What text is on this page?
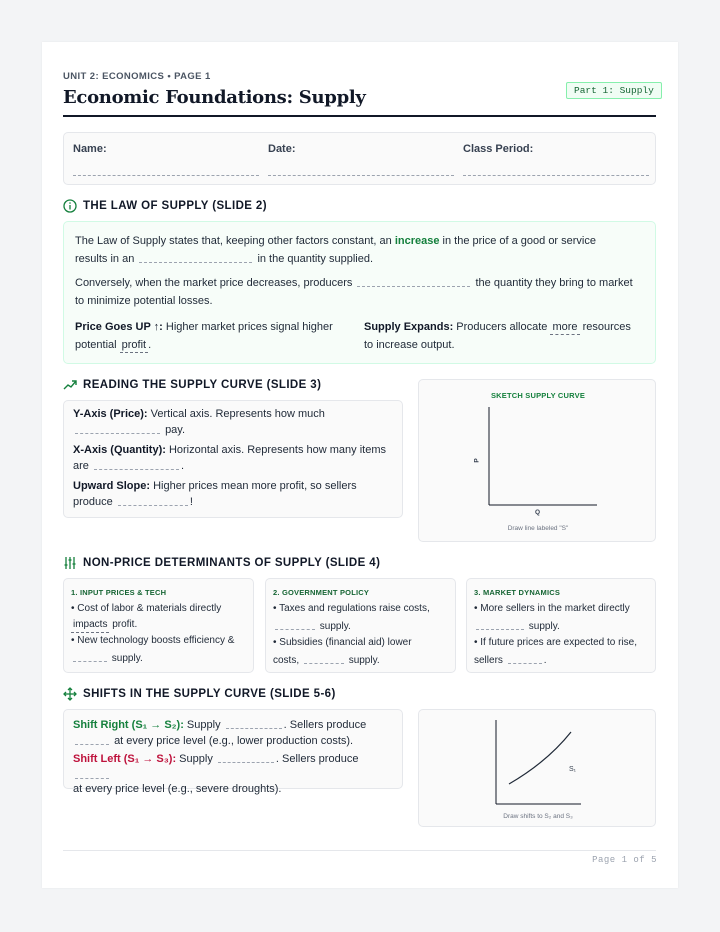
UNIT 2: ECONOMICS • PAGE 1
Economic Foundations: Supply	Part 1: Supply
Name:	Date:	Class Period:
THE LAW OF SUPPLY (SLIDE 2)
The Law of Supply states that, keeping other factors constant, an increase in the price of a good or service
results in an	in the quantity supplied.
Conversely, when the market price decreases, producers	the quantity they bring to market
to minimize potential losses.
Price Goes UP ↑: Higher market prices signal higher
potential profit .
Supply Expands: Producers allocate more resources
to increase output.
READING THE SUPPLY CURVE (SLIDE 3)
Y-Axis (Price): Vertical axis. Represents how much
pay.
X-Axis (Quantity): Horizontal axis. Represents how many items
are	.
Upward Slope: Higher prices mean more profit, so sellers
produce	!
SKETCH SUPPLY CURVE
P
Q
Draw line labeled "S"
NON-PRICE DETERMINANTS OF SUPPLY (SLIDE 4)
1. INPUT PRICES & TECH
• Cost of labor & materials directly
impacts profit.
• New technology boosts efficiency &
supply.
2. GOVERNMENT POLICY
• Taxes and regulations raise costs,
supply.
• Subsidies (financial aid) lower
costs,	supply.
3. MARKET DYNAMICS
• More sellers in the market directly
supply.
• If future prices are expected to rise,
sellers	.
SHIFTS IN THE SUPPLY CURVE (SLIDE 5-6)
Shift Right (S₁ → S₂): Supply	. Sellers produce
at every price level (e.g., lower production costs).
Shift Left (S₁ → S₃): Supply	. Sellers produce
at every price level (e.g., severe droughts).
S₁
Draw shifts to S₂ and S₃
Page 1 of 5
